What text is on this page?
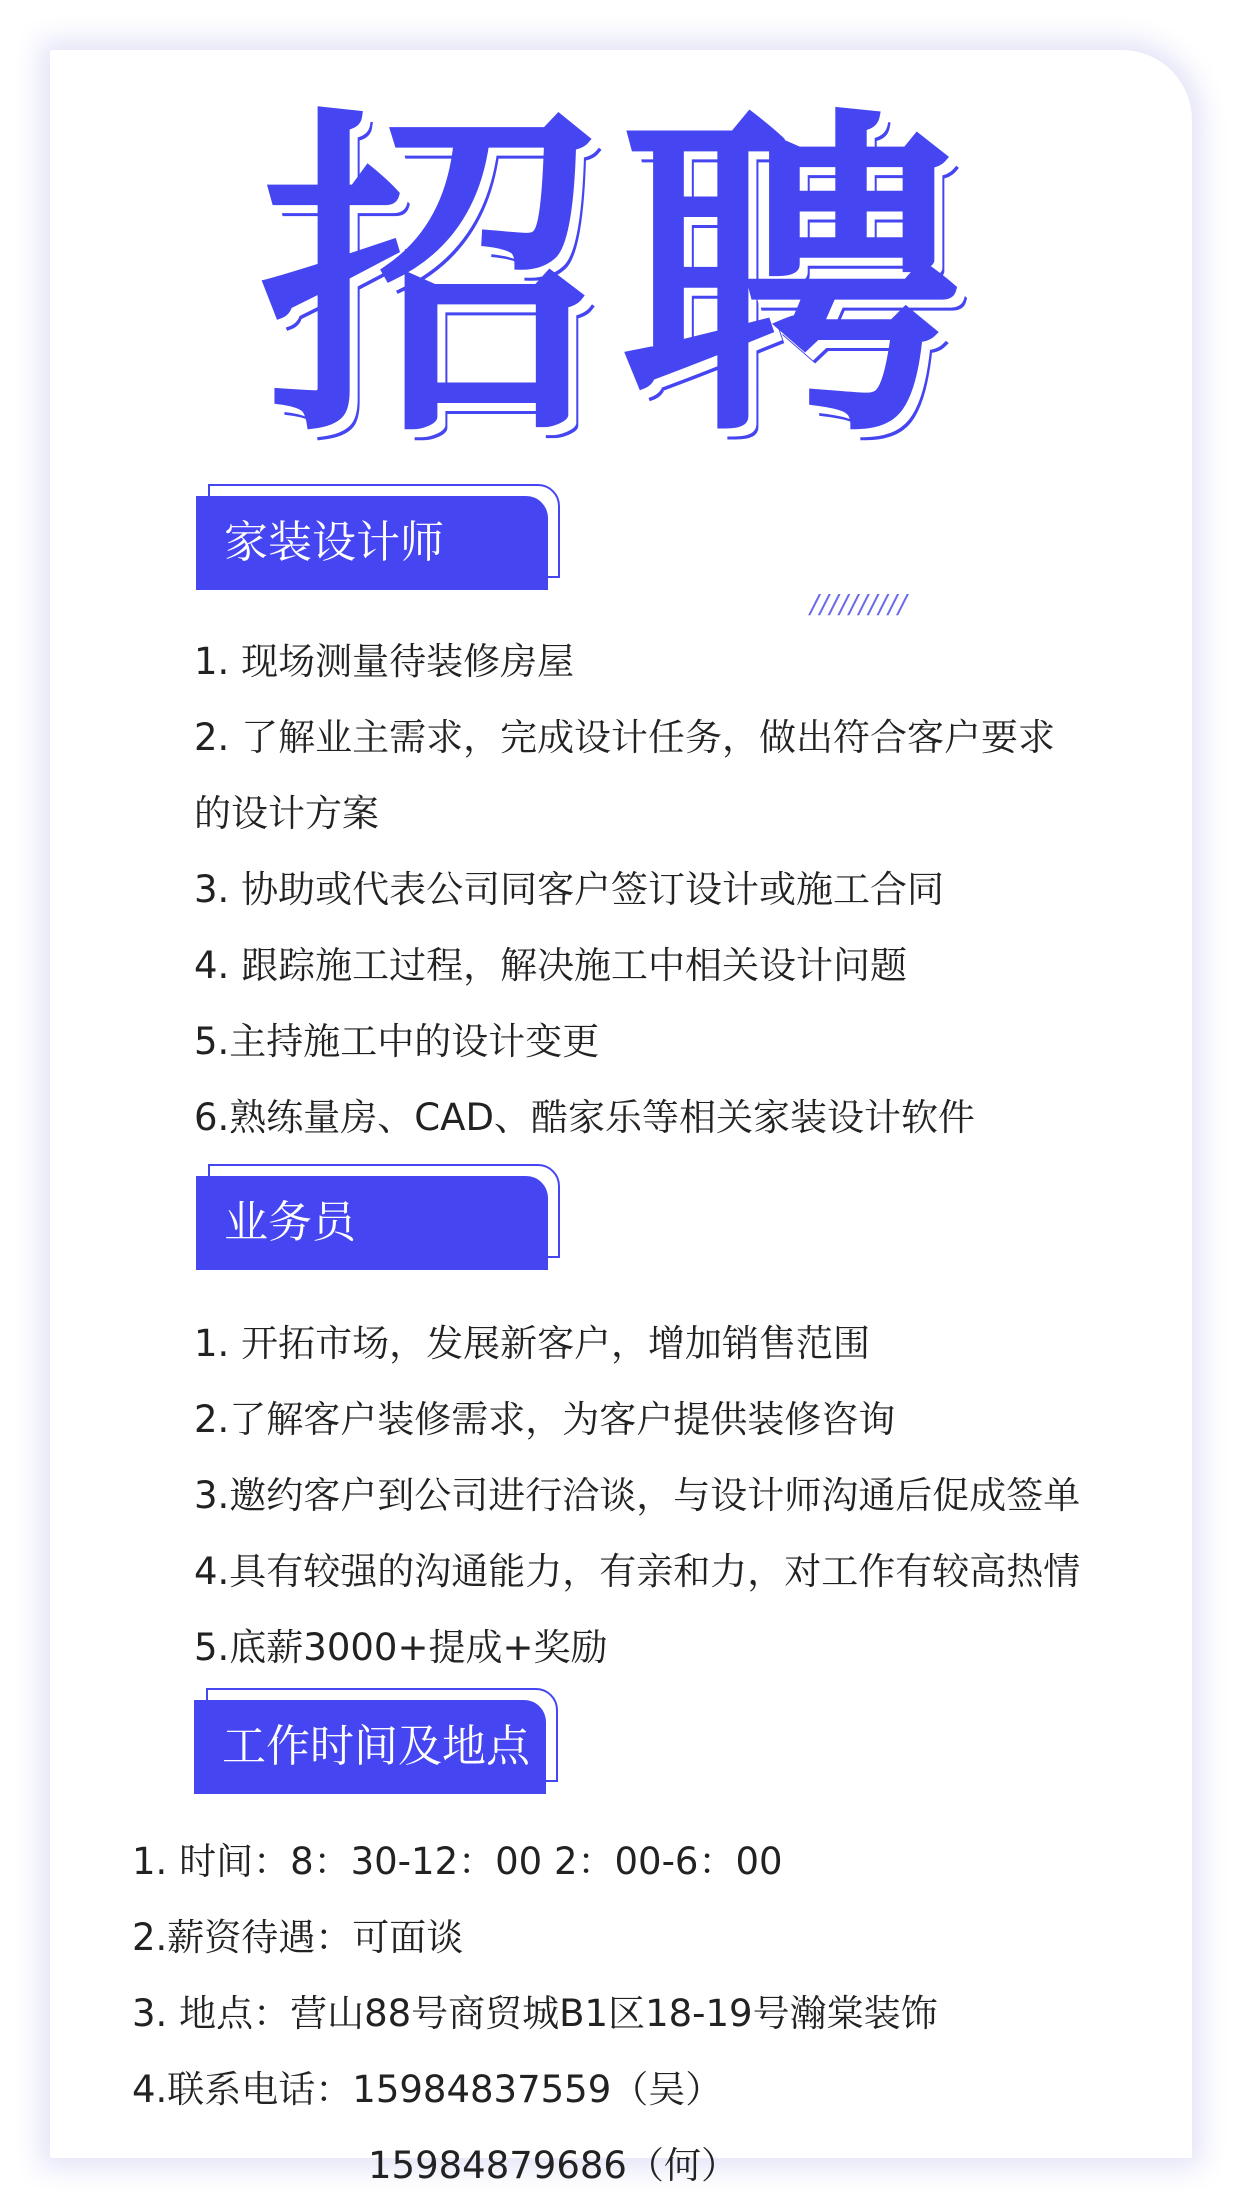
招 聘
家装设计师
//////////
1. 现场测量待装修房屋
2. 了解业主需求，完成设计任务，做出符合客户要求
的设计方案
3. 协助或代表公司同客户签订设计或施工合同
4. 跟踪施工过程，解决施工中相关设计问题
5.主持施工中的设计变更
6.熟练量房、CAD、酷家乐等相关家装设计软件
业务员
1. 开拓市场，发展新客户，增加销售范围
2.了解客户装修需求，为客户提供装修咨询
3.邀约客户到公司进行洽谈，与设计师沟通后促成签单
4.具有较强的沟通能力，有亲和力，对工作有较高热情
5.底薪3000+提成+奖励
工作时间及地点
1. 时间：8：30-12：00 2：00-6：00
2.薪资待遇：可面谈
3. 地点：营山88号商贸城B1区18-19号瀚棠装饰
4.联系电话：15984837559（吴）
15984879686（何）
